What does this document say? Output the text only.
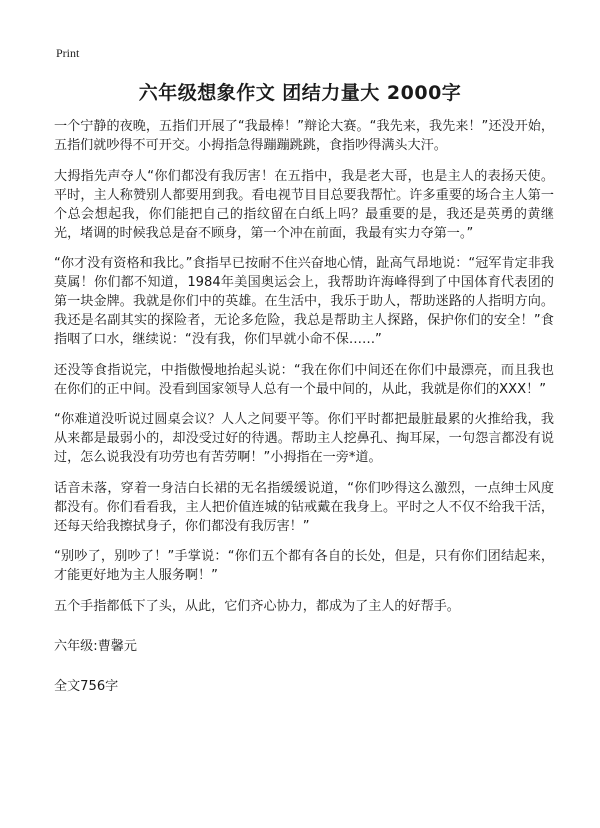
Print
六年级想象作文 团结力量大 2000字

一个宁静的夜晚，五指们开展了“我最棒！”辩论大赛。“我先来，我先来！”还没开始，五指们就吵得不可开交。小拇指急得蹦蹦跳跳，食指吵得满头大汗。

大拇指先声夺人“你们都没有我厉害！在五指中，我是老大哥，也是主人的表扬天使。平时，主人称赞别人都要用到我。看电视节目目总要我帮忙。许多重要的场合主人第一个总会想起我，你们能把自己的指纹留在白纸上吗？最重要的是，我还是英勇的黄继光，堵调的时候我总是奋不顾身，第一个冲在前面，我最有实力夺第一。”

“你才没有资格和我比。”食指早已按耐不住兴奋地心情，趾高气昂地说：“冠军肯定非我莫属！你们都不知道，1984年美国奥运会上，我帮助许海峰得到了中国体育代表团的第一块金牌。我就是你们中的英雄。在生活中，我乐于助人，帮助迷路的人指明方向。我还是名副其实的探险者，无论多危险，我总是帮助主人探路，保护你们的安全！”食指咽了口水，继续说：“没有我，你们早就小命不保……”

还没等食指说完，中指傲慢地抬起头说：“我在你们中间还在你们中最漂亮，而且我也在你们的正中间。没看到国家领导人总有一个最中间的，从此，我就是你们的XXX！”

“你难道没听说过圆桌会议？人人之间要平等。你们平时都把最脏最累的火推给我，我从来都是最弱小的，却没受过好的待遇。帮助主人挖鼻孔、掏耳屎，一句怨言都没有说过，怎么说我没有功劳也有苦劳啊！”小拇指在一旁*道。

话音未落，穿着一身洁白长裙的无名指缓缓说道，“你们吵得这么激烈，一点绅士风度都没有。你们看看我，主人把价值连城的钻戒戴在我身上。平时之人不仅不给我干活，还每天给我擦拭身子，你们都没有我厉害！”

“别吵了，别吵了！”手掌说：“你们五个都有各自的长处，但是，只有你们团结起来，才能更好地为主人服务啊！”

五个手指都低下了头，从此，它们齐心协力，都成为了主人的好帮手。

六年级:曹馨元

全文756字
